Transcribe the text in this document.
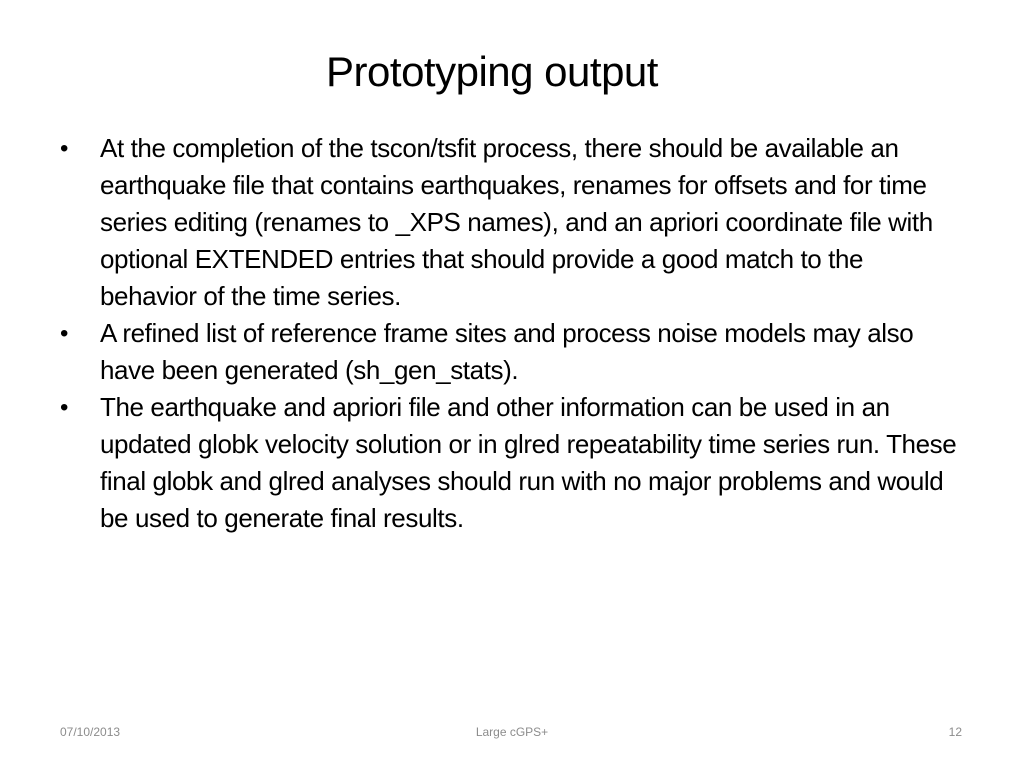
Prototyping output
• At the completion of the tscon/tsfit process, there should be available an earthquake file that contains earthquakes, renames for offsets and for time series editing (renames to _XPS names), and an apriori coordinate file with optional EXTENDED entries that should provide a good match to the behavior of the time series.
• A refined list of reference frame sites and process noise models may also have been generated (sh_gen_stats).
• The earthquake and apriori file and other information can be used in an updated globk velocity solution or in glred repeatability time series run. These final globk and glred analyses should run with no major problems and would be used to generate final results.
07/10/2013	Large cGPS+	12
